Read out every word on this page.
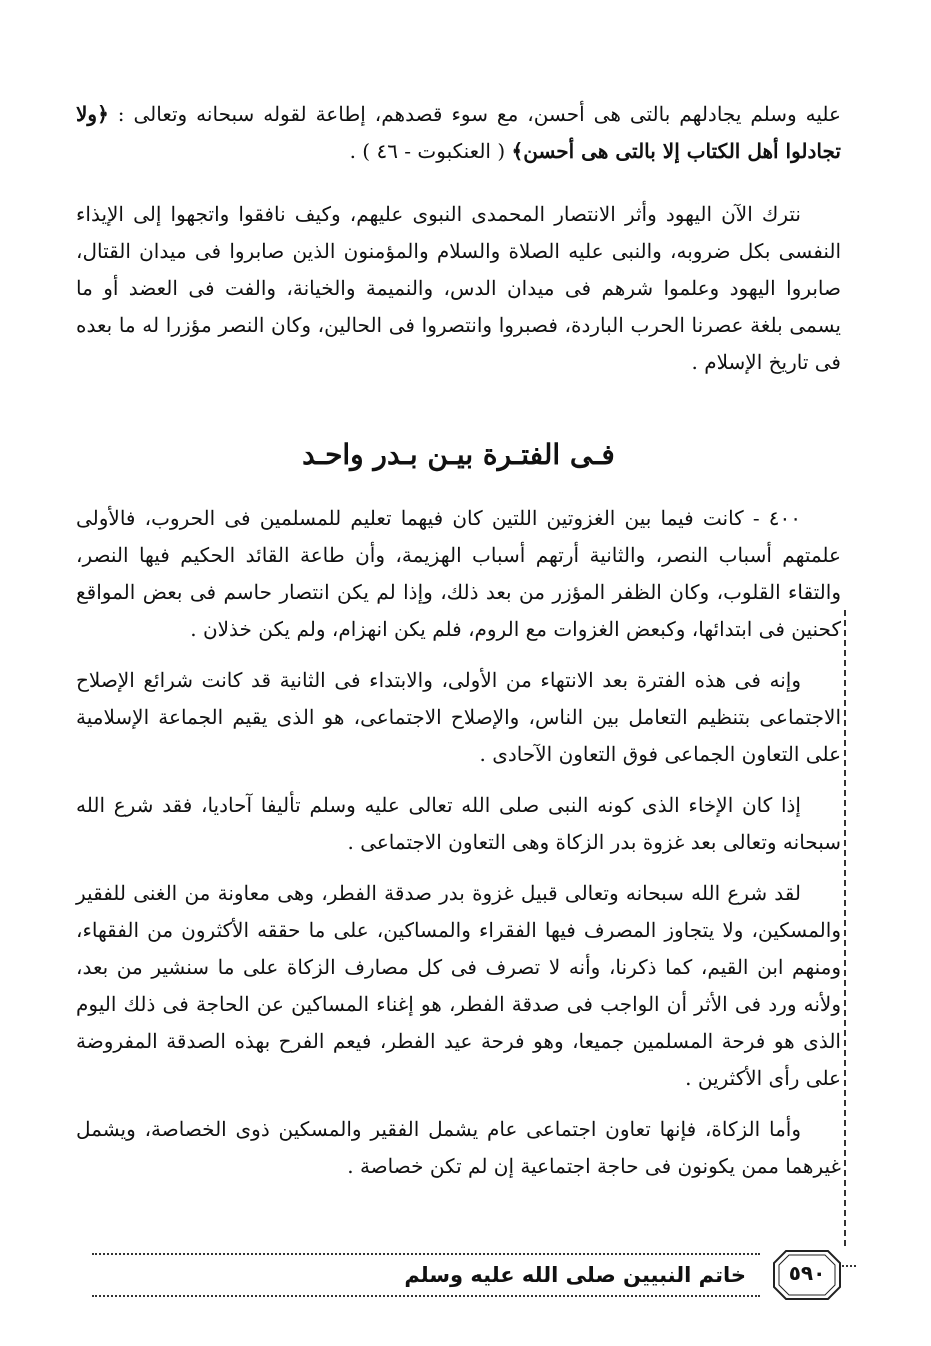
عليه وسلم يجادلهم بالتى هى أحسن، مع سوء قصدهم، إطاعة لقوله سبحانه وتعالى : ﴿ولا تجادلوا أهل الكتاب إلا بالتى هى أحسن﴾ ( العنكبوت - ٤٦ ) .

نترك الآن اليهود وأثر الانتصار المحمدى النبوى عليهم، وكيف نافقوا واتجهوا إلى الإيذاء النفسى بكل ضروبه، والنبى عليه الصلاة والسلام والمؤمنون الذين صابروا فى ميدان القتال، صابروا اليهود وعلموا شرهم فى ميدان الدس، والنميمة والخيانة، والفت فى العضد أو ما يسمى بلغة عصرنا الحرب الباردة، فصبروا وانتصروا فى الحالين، وكان النصر مؤزرا له ما بعده فى تاريخ الإسلام .

فـى الفتـرة بيـن بـدر واحـد

٤٠٠ - كانت فيما بين الغزوتين اللتين كان فيهما تعليم للمسلمين فى الحروب، فالأولى علمتهم أسباب النصر، والثانية أرتهم أسباب الهزيمة، وأن طاعة القائد الحكيم فيها النصر، والتقاء القلوب، وكان الظفر المؤزر من بعد ذلك، وإذا لم يكن انتصار حاسم فى بعض المواقع كحنين فى ابتدائها، وكبعض الغزوات مع الروم، فلم يكن انهزام، ولم يكن خذلان .

وإنه فى هذه الفترة بعد الانتهاء من الأولى، والابتداء فى الثانية قد كانت شرائع الإصلاح الاجتماعى بتنظيم التعامل بين الناس، والإصلاح الاجتماعى، هو الذى يقيم الجماعة الإسلامية على التعاون الجماعى فوق التعاون الآحادى .

إذا كان الإخاء الذى كونه النبى صلى الله تعالى عليه وسلم تأليفا آحاديا، فقد شرع الله سبحانه وتعالى بعد غزوة بدر الزكاة وهى التعاون الاجتماعى .

لقد شرع الله سبحانه وتعالى قبيل غزوة بدر صدقة الفطر، وهى معاونة من الغنى للفقير والمسكين، ولا يتجاوز المصرف فيها الفقراء والمساكين، على ما حققه الأكثرون من الفقهاء، ومنهم ابن القيم، كما ذكرنا، وأنه لا تصرف فى كل مصارف الزكاة على ما سنشير من بعد، ولأنه ورد فى الأثر أن الواجب فى صدقة الفطر، هو إغناء المساكين عن الحاجة فى ذلك اليوم الذى هو فرحة المسلمين جميعا، وهو فرحة عيد الفطر، فيعم الفرح بهذه الصدقة المفروضة على رأى الأكثرين .

وأما الزكاة، فإنها تعاون اجتماعى عام يشمل الفقير والمسكين ذوى الخصاصة، ويشمل غيرهما ممن يكونون فى حاجة اجتماعية إن لم تكن خصاصة .

خاتم النبيين صلى الله عليه وسلم	٥٩٠
